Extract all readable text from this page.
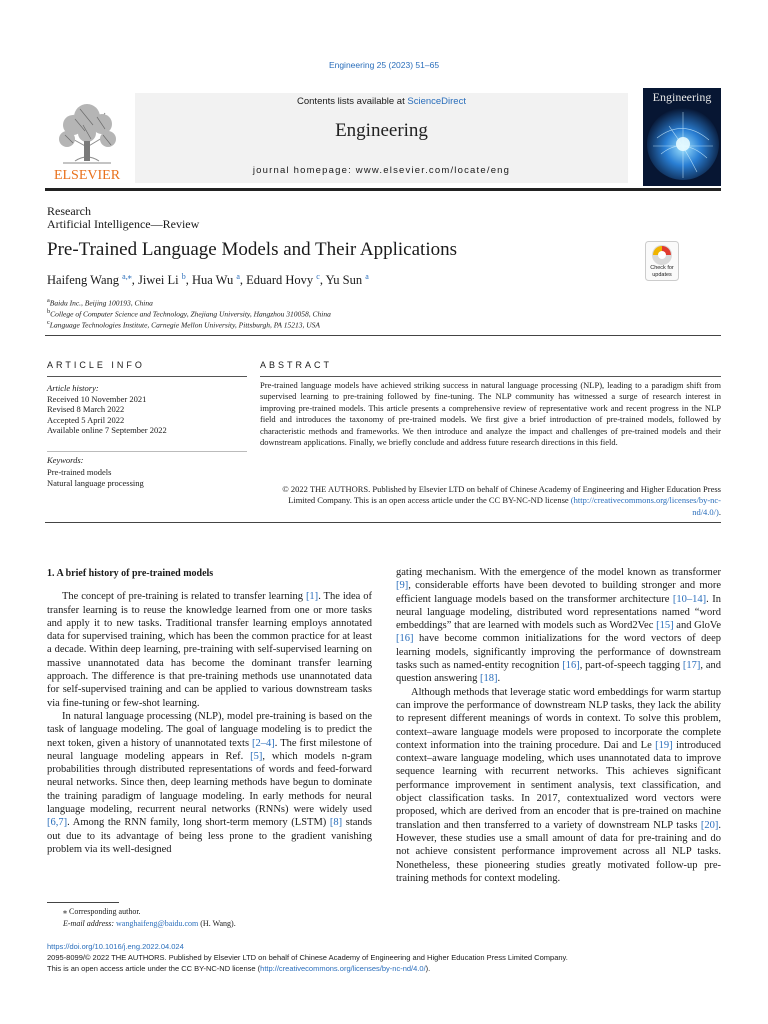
Engineering 25 (2023) 51–65
ELSEVIER
Contents lists available at ScienceDirect
Engineering
journal homepage: www.elsevier.com/locate/eng
Engineering
Research
Artificial Intelligence—Review
Pre-Trained Language Models and Their Applications
Haifeng Wang $^{a,⁎}$, Jiwei Li $^b$, Hua Wu $^a$, Eduard Hovy $^c$, Yu Sun $^a$
Check for updates
$^a$Baidu Inc., Beijing 100193, China
$^b$College of Computer Science and Technology, Zhejiang University, Hangzhou 310058, China
$^c$Language Technologies Institute, Carnegie Mellon University, Pittsburgh, PA 15213, USA
ARTICLE INFO	ABSTRACT
Article history:
Received 10 November 2021
Revised 8 March 2022
Accepted 5 April 2022
Available online 7 September 2022
Keywords:
Pre-trained models
Natural language processing
Pre-trained language models have achieved striking success in natural language processing (NLP), leading to a paradigm shift from supervised learning to pre-training followed by fine-tuning. The NLP community has witnessed a surge of research interest in improving pre-trained models. This article presents a comprehensive review of representative work and recent progress in the NLP field and introduces the taxonomy of pre-trained models. We first give a brief introduction of pre-trained models, followed by characteristic methods and frameworks. We then introduce and analyze the impact and challenges of pre-trained models and their downstream applications. Finally, we briefly conclude and address future research directions in this field.
© 2022 THE AUTHORS. Published by Elsevier LTD on behalf of Chinese Academy of Engineering and Higher Education Press Limited Company. This is an open access article under the CC BY-NC-ND license (http://creativecommons.org/licenses/by-nc-nd/4.0/).
1. A brief history of pre-trained models

The concept of pre-training is related to transfer learning [1]. The idea of transfer learning is to reuse the knowledge learned from one or more tasks and apply it to new tasks. Traditional transfer learning employs annotated data for supervised training, which has been the common practice for at least a decade. Within deep learning, pre-training with self-supervised learning on massive unannotated data has become the dominant transfer learning approach. The difference is that pre-training methods use unannotated data for self-supervised training and can be applied to various downstream tasks via fine-tuning or few-shot learning.

In natural language processing (NLP), model pre-training is based on the task of language modeling. The goal of language modeling is to predict the next token, given a history of unannotated texts [2–4]. The first milestone of neural language modeling appears in Ref. [5], which models n-gram probabilities through distributed representations of words and feed-forward neural networks. Since then, deep learning methods have begun to dominate the training paradigm of language modeling. In early methods for neural language modeling, recurrent neural networks (RNNs) were widely used [6,7]. Among the RNN family, long short-term memory (LSTM) [8] stands out due to its advantage of being less prone to the gradient vanishing problem via its well-designed

gating mechanism. With the emergence of the model known as transformer [9], considerable efforts have been devoted to building stronger and more efficient language models based on the transformer architecture [10–14]. In neural language modeling, distributed word representations named “word embeddings” that are learned with models such as Word2Vec [15] and GloVe [16] have become common initializations for the word vectors of deep learning models, significantly improving the performance of downstream tasks such as named-entity recognition [16], part-of-speech tagging [17], and question answering [18].

Although methods that leverage static word embeddings for warm startup can improve the performance of downstream NLP tasks, they lack the ability to represent different meanings of words in context. To solve this problem, context–aware language models were proposed to incorporate the complete context information into the training procedure. Dai and Le [19] introduced context–aware language modeling, which uses unannotated data to improve sequence learning with recurrent networks. This achieves significant performance improvement in sentiment analysis, text classification, and object classification tasks. In 2017, contextualized word vectors were proposed, which are derived from an encoder that is pre-trained on machine translation and then transferred to a variety of downstream NLP tasks [20]. However, these studies use a small amount of data for pre-training and do not achieve consistent performance improvement across all NLP tasks. Nonetheless, these pioneering studies greatly motivated follow-up pre-training methods for context modeling.

⁎ Corresponding author.
E-mail address: wanghaifeng@baidu.com (H. Wang).
https://doi.org/10.1016/j.eng.2022.04.024
2095-8099/© 2022 THE AUTHORS. Published by Elsevier LTD on behalf of Chinese Academy of Engineering and Higher Education Press Limited Company.
This is an open access article under the CC BY-NC-ND license (http://creativecommons.org/licenses/by-nc-nd/4.0/).
